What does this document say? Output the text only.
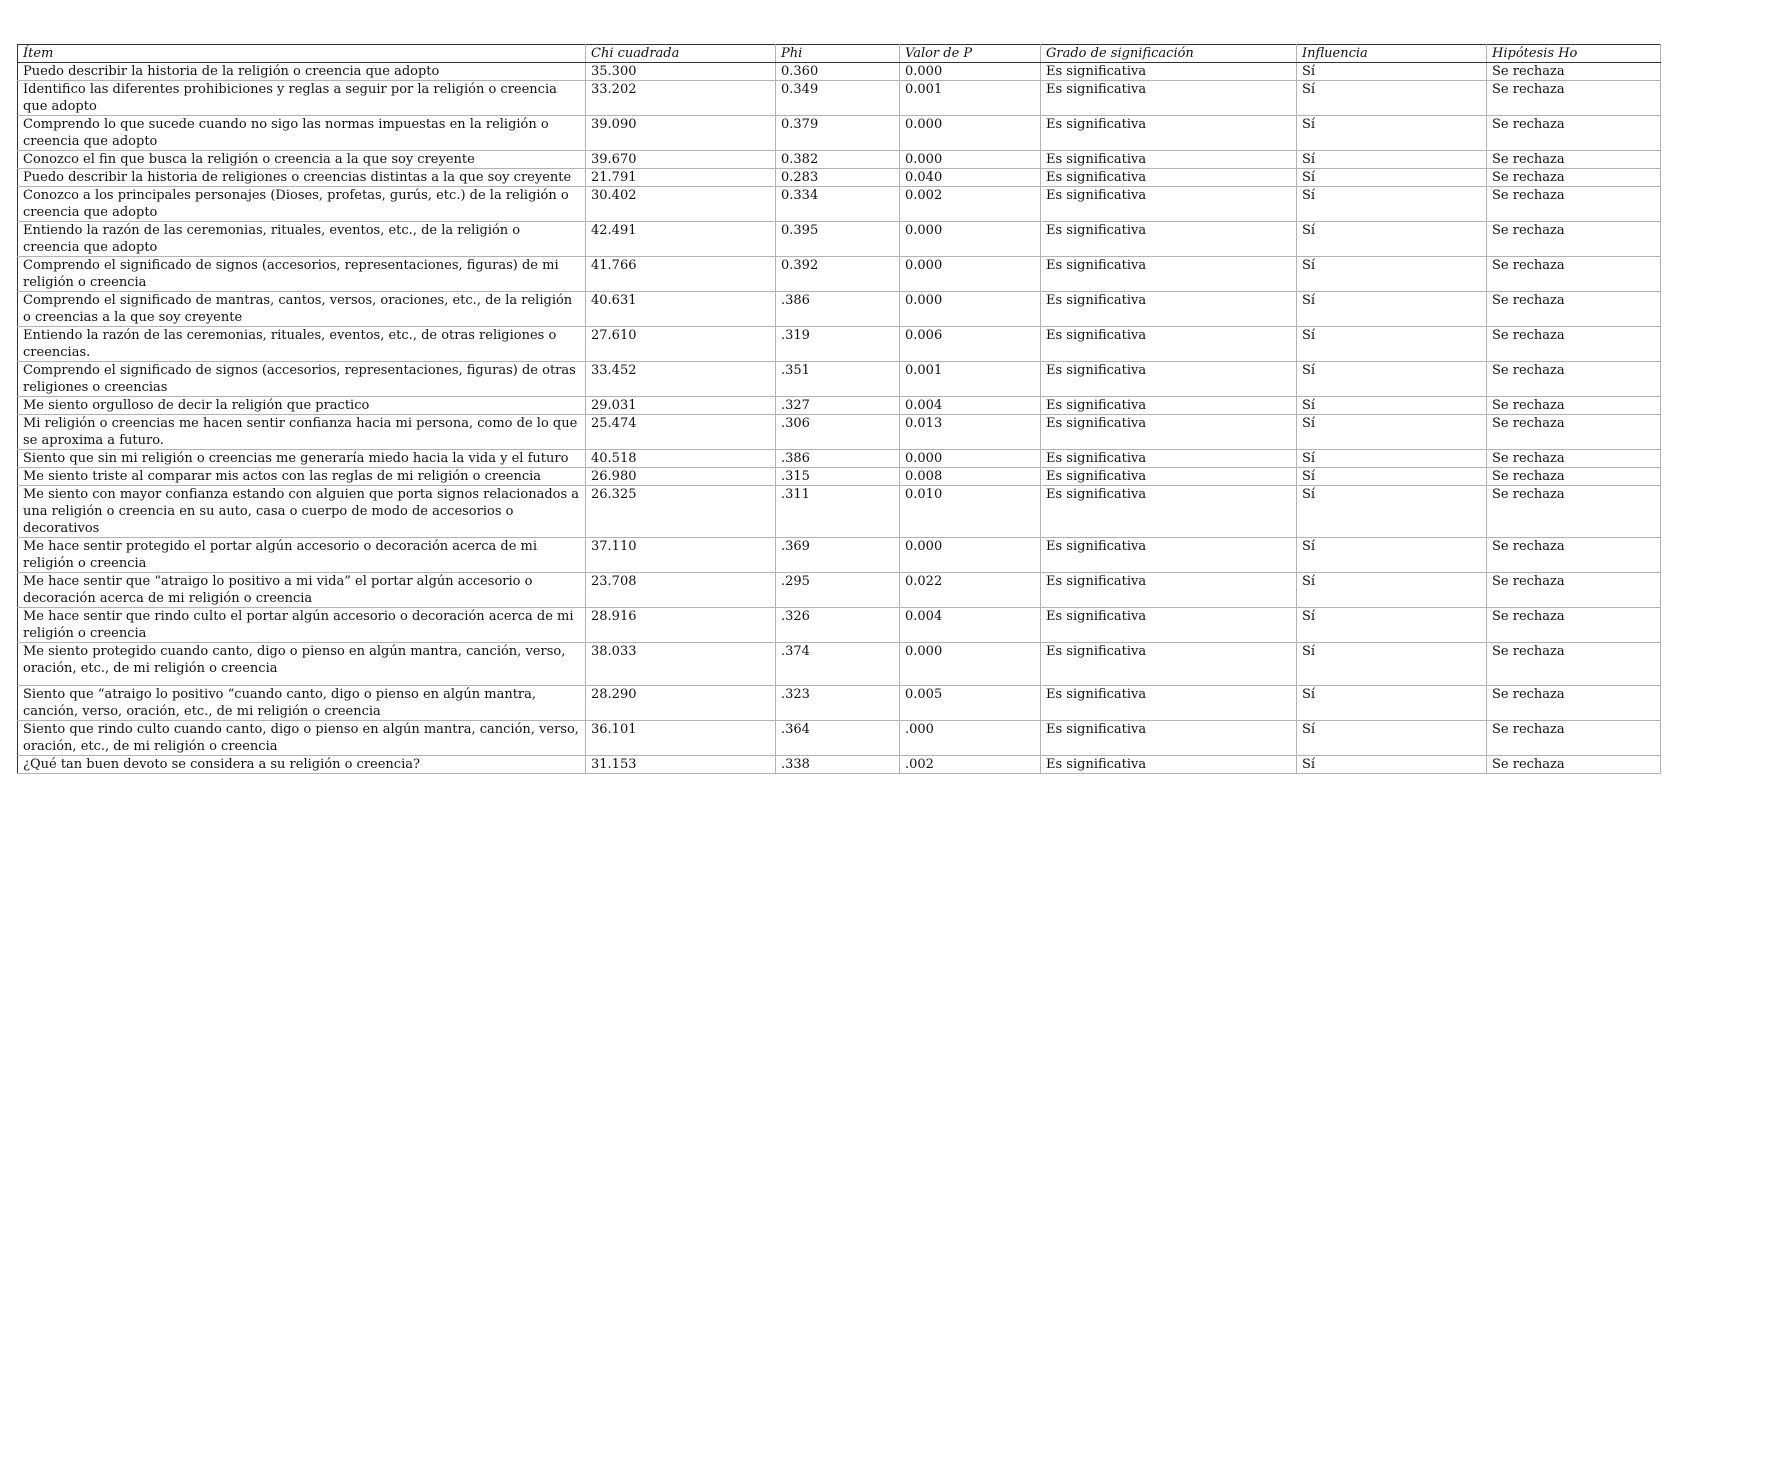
Ítem	Chi cuadrada	Phi	Valor de P	Grado de significación	Influencia	Hipótesis Ho
Puedo describir la historia de la religión o creencia que adopto	35.300	0.360	0.000	Es significativa	Sí	Se rechaza
Identifico las diferentes prohibiciones y reglas a seguir por la religión o creencia que adopto	33.202	0.349	0.001	Es significativa	Sí	Se rechaza
Comprendo lo que sucede cuando no sigo las normas impuestas en la religión o creencia que adopto	39.090	0.379	0.000	Es significativa	Sí	Se rechaza
Conozco el fin que busca la religión o creencia a la que soy creyente	39.670	0.382	0.000	Es significativa	Sí	Se rechaza
Puedo describir la historia de religiones o creencias distintas a la que soy creyente	21.791	0.283	0.040	Es significativa	Sí	Se rechaza
Conozco a los principales personajes (Dioses, profetas, gurús, etc.) de la religión o creencia que adopto	30.402	0.334	0.002	Es significativa	Sí	Se rechaza
Entiendo la razón de las ceremonias, rituales, eventos, etc., de la religión o creencia que adopto	42.491	0.395	0.000	Es significativa	Sí	Se rechaza
Comprendo el significado de signos (accesorios, representaciones, figuras) de mi religión o creencia	41.766	0.392	0.000	Es significativa	Sí	Se rechaza
Comprendo el significado de mantras, cantos, versos, oraciones, etc., de la religión o creencias a la que soy creyente	40.631	.386	0.000	Es significativa	Sí	Se rechaza
Entiendo la razón de las ceremonias, rituales, eventos, etc., de otras religiones o creencias.	27.610	.319	0.006	Es significativa	Sí	Se rechaza
Comprendo el significado de signos (accesorios, representaciones, figuras) de otras religiones o creencias	33.452	.351	0.001	Es significativa	Sí	Se rechaza
Me siento orgulloso de decir la religión que practico	29.031	.327	0.004	Es significativa	Sí	Se rechaza
Mi religión o creencias me hacen sentir confianza hacia mi persona, como de lo que se aproxima a futuro.	25.474	.306	0.013	Es significativa	Sí	Se rechaza
Siento que sin mi religión o creencias me generaría miedo hacia la vida y el futuro	40.518	.386	0.000	Es significativa	Sí	Se rechaza
Me siento triste al comparar mis actos con las reglas de mi religión o creencia	26.980	.315	0.008	Es significativa	Sí	Se rechaza
Me siento con mayor confianza estando con alguien que porta signos relacionados a una religión o creencia en su auto, casa o cuerpo de modo de accesorios o decorativos	26.325	.311	0.010	Es significativa	Sí	Se rechaza
Me hace sentir protegido el portar algún accesorio o decoración acerca de mi religión o creencia	37.110	.369	0.000	Es significativa	Sí	Se rechaza
Me hace sentir que “atraigo lo positivo a mi vida” el portar algún accesorio o decoración acerca de mi religión o creencia	23.708	.295	0.022	Es significativa	Sí	Se rechaza
Me hace sentir que rindo culto el portar algún accesorio o decoración acerca de mi religión o creencia	28.916	.326	0.004	Es significativa	Sí	Se rechaza
Me siento protegido cuando canto, digo o pienso en algún mantra, canción, verso, oración, etc., de mi religión o creencia	38.033	.374	0.000	Es significativa	Sí	Se rechaza
Siento que “atraigo lo positivo “cuando canto, digo o pienso en algún mantra, canción, verso, oración, etc., de mi religión o creencia	28.290	.323	0.005	Es significativa	Sí	Se rechaza
Siento que rindo culto cuando canto, digo o pienso en algún mantra, canción, verso, oración, etc., de mi religión o creencia	36.101	.364	.000	Es significativa	Sí	Se rechaza
¿Qué tan buen devoto se considera a su religión o creencia?	31.153	.338	.002	Es significativa	Sí	Se rechaza
